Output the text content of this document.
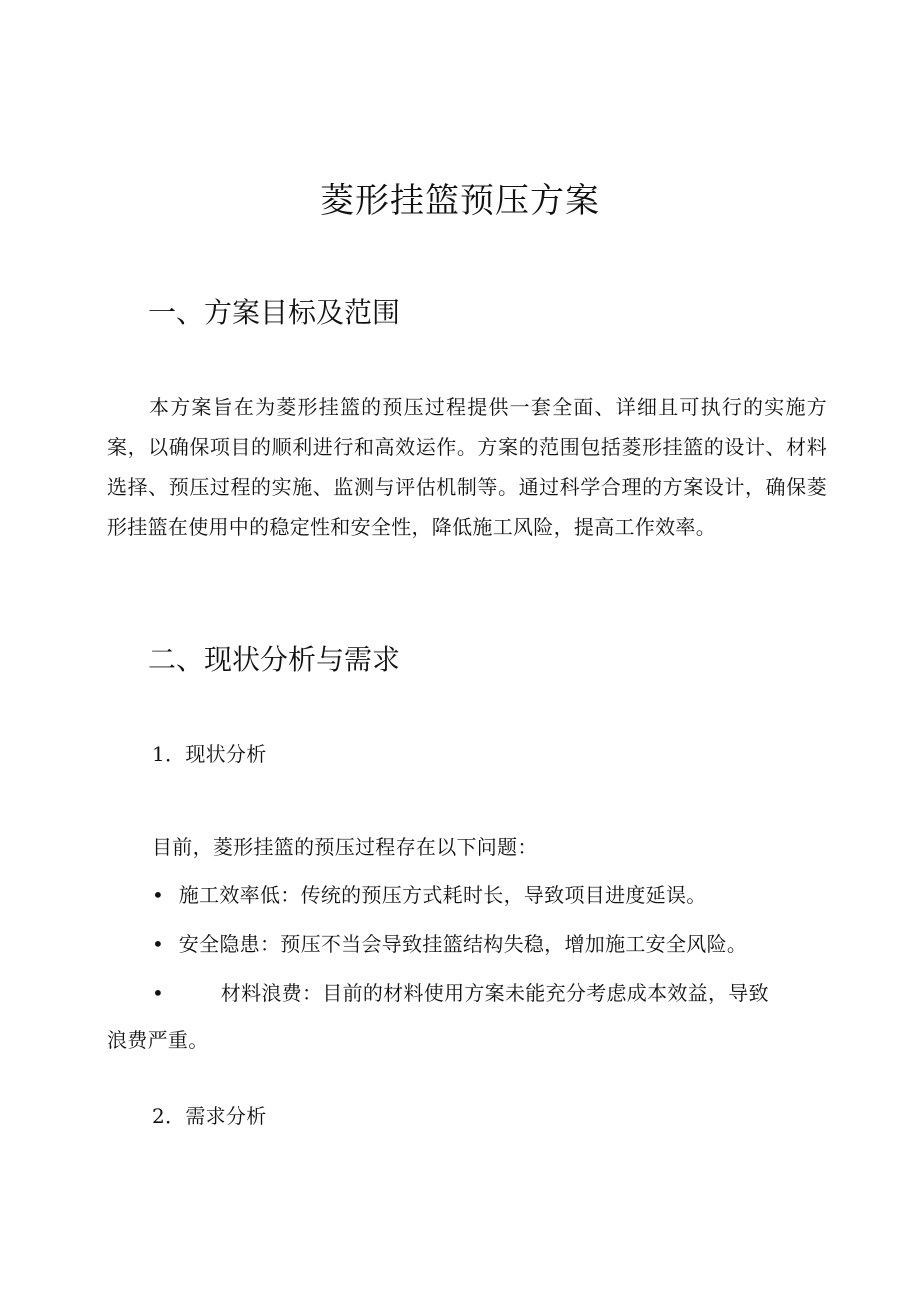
菱形挂篮预压方案
一、方案目标及范围
本方案旨在为菱形挂篮的预压过程提供一套全面、详细且可执行的实施方案，以确保项目的顺利进行和高效运作。方案的范围包括菱形挂篮的设计、材料选择、预压过程的实施、监测与评估机制等。通过科学合理的方案设计，确保菱形挂篮在使用中的稳定性和安全性，降低施工风险，提高工作效率。
二、现状分析与需求
1．现状分析
目前，菱形挂篮的预压过程存在以下问题：
• 施工效率低：传统的预压方式耗时长，导致项目进度延误。
• 安全隐患：预压不当会导致挂篮结构失稳，增加施工安全风险。
•	材料浪费：目前的材料使用方案未能充分考虑成本效益，导致
浪费严重。
2．需求分析
